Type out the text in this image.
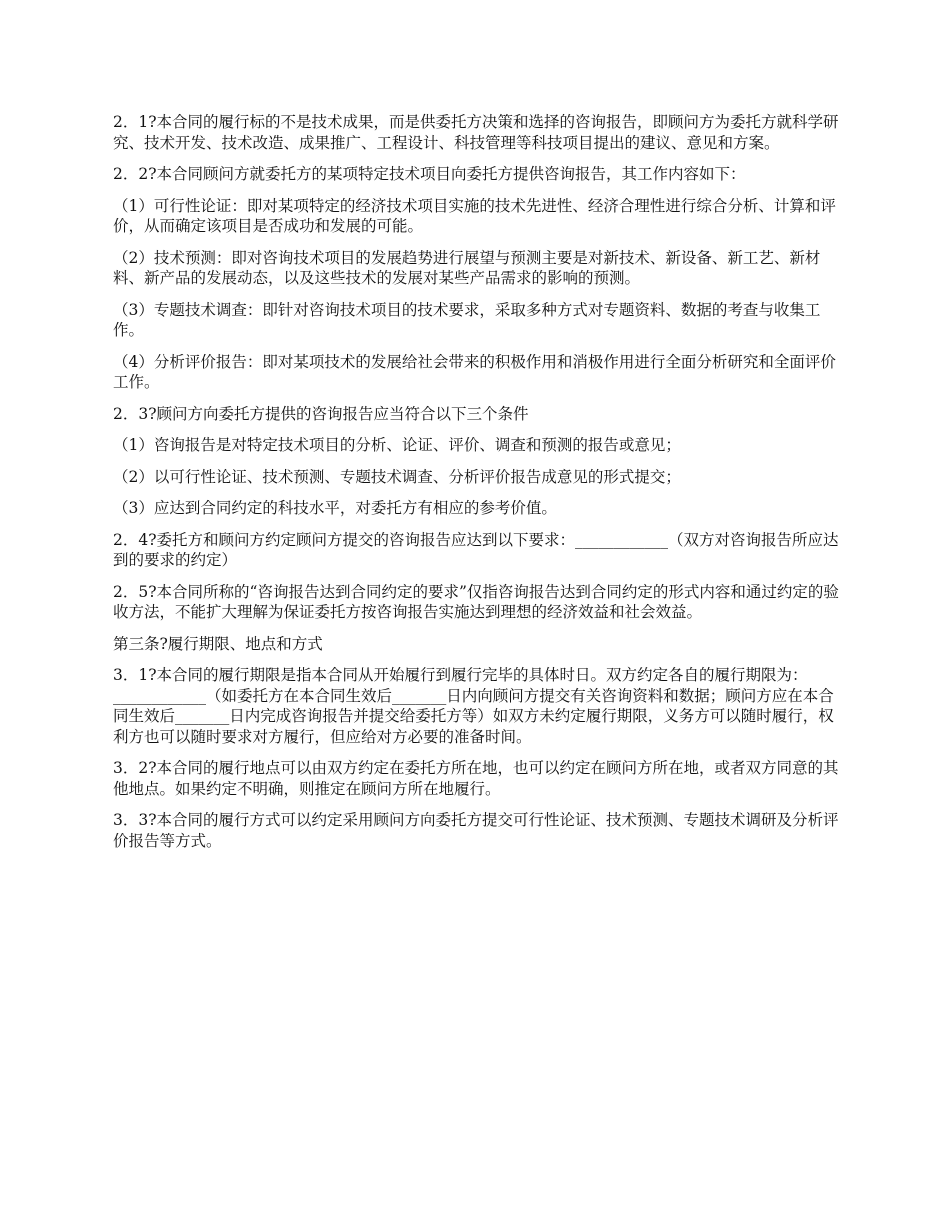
2．1?本合同的履行标的不是技术成果，而是供委托方决策和选择的咨询报告，即顾问方为委托方就科学研究、技术开发、技术改造、成果推广、工程设计、科技管理等科技项目提出的建议、意见和方案。

2．2?本合同顾问方就委托方的某项特定技术项目向委托方提供咨询报告，其工作内容如下：

（1）可行性论证：即对某项特定的经济技术项目实施的技术先进性、经济合理性进行综合分析、计算和评价，从而确定该项目是否成功和发展的可能。

（2）技术预测：即对咨询技术项目的发展趋势进行展望与预测主要是对新技术、新设备、新工艺、新材料、新产品的发展动态，以及这些技术的发展对某些产品需求的影响的预测。

（3）专题技术调查：即针对咨询技术项目的技术要求，采取多种方式对专题资料、数据的考查与收集工作。

（4）分析评价报告：即对某项技术的发展给社会带来的积极作用和消极作用进行全面分析研究和全面评价工作。

2．3?顾问方向委托方提供的咨询报告应当符合以下三个条件

（1）咨询报告是对特定技术项目的分析、论证、评价、调查和预测的报告或意见；

（2）以可行性论证、技术预测、专题技术调查、分析评价报告成意见的形式提交；

（3）应达到合同约定的科技水平，对委托方有相应的参考价值。

2．4?委托方和顾问方约定顾问方提交的咨询报告应达到以下要求：____________（双方对咨询报告所应达到的要求的约定）

2．5?本合同所称的“咨询报告达到合同约定的要求”仅指咨询报告达到合同约定的形式内容和通过约定的验收方法，不能扩大理解为保证委托方按咨询报告实施达到理想的经济效益和社会效益。

第三条?履行期限、地点和方式

3．1?本合同的履行期限是指本合同从开始履行到履行完毕的具体时日。双方约定各自的履行期限为：____________（如委托方在本合同生效后_______日内向顾问方提交有关咨询资料和数据；顾问方应在本合同生效后_______日内完成咨询报告并提交给委托方等）如双方未约定履行期限，义务方可以随时履行，权利方也可以随时要求对方履行，但应给对方必要的准备时间。

3．2?本合同的履行地点可以由双方约定在委托方所在地，也可以约定在顾问方所在地，或者双方同意的其他地点。如果约定不明确，则推定在顾问方所在地履行。

3．3?本合同的履行方式可以约定采用顾问方向委托方提交可行性论证、技术预测、专题技术调研及分析评价报告等方式。
